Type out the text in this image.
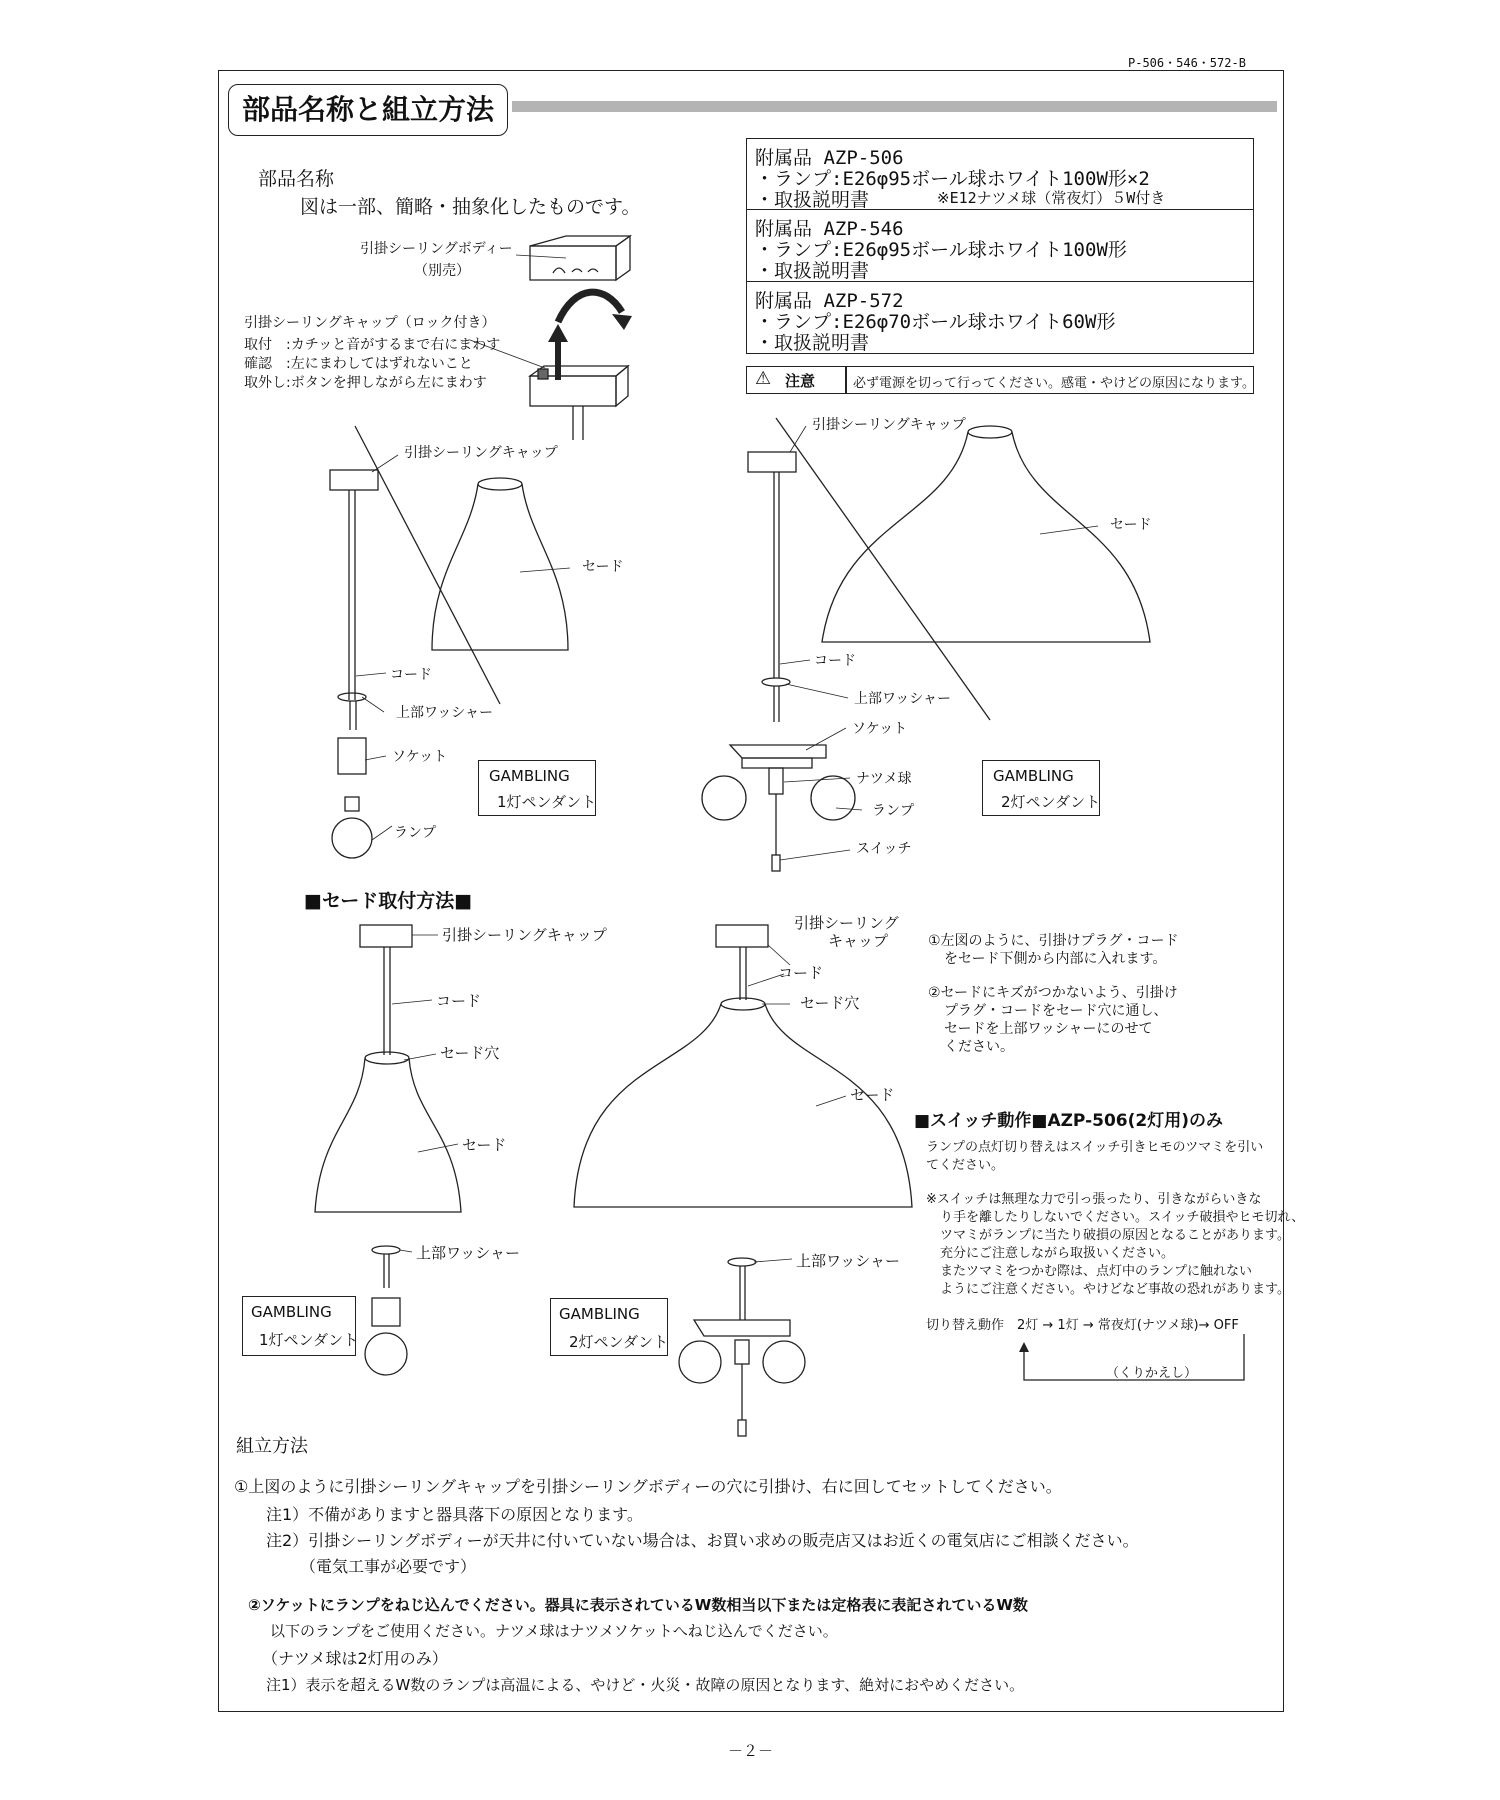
P-506・546・572-B
部品名称と組立方法
部品名称
図は一部、簡略・抽象化したものです。
引掛シーリングボディー
（別売）
引掛シーリングキャップ（ロック付き）
取付　:カチッと音がするまで右にまわす
確認　:左にまわしてはずれないこと
取外し:ボタンを押しながら左にまわす
附属品 AZP-506
・ランプ:E26φ95ボール球ホワイト100W形×2
・取扱説明書	※E12ナツメ球（常夜灯）５W付き
附属品 AZP-546
・ランプ:E26φ95ボール球ホワイト100W形
・取扱説明書
附属品 AZP-572
・ランプ:E26φ70ボール球ホワイト60W形
・取扱説明書
⚠ 注意	必ず電源を切って行ってください。感電・やけどの原因になります。
引掛シーリングキャップ
セード
コード
上部ワッシャー
ソケット
ランプ
GAMBLING
1灯ペンダント
引掛シーリングキャップ
セード
コード
上部ワッシャー
ソケット
ナツメ球
ランプ
スイッチ
GAMBLING
2灯ペンダント
■セード取付方法■
引掛シーリングキャップ
コード
セード穴
セード
上部ワッシャー
GAMBLING
1灯ペンダント
引掛シーリング
キャップ
コード
セード穴
セード
上部ワッシャー
GAMBLING
2灯ペンダント
①左図のように、引掛けプラグ・コード
をセード下側から内部に入れます。
②セードにキズがつかないよう、引掛け
プラグ・コードをセード穴に通し、
セードを上部ワッシャーにのせて
ください。
■スイッチ動作■AZP-506(2灯用)のみ
ランプの点灯切り替えはスイッチ引きヒモのツマミを引い
てください。
※スイッチは無理な力で引っ張ったり、引きながらいきな
り手を離したりしないでください。スイッチ破損やヒモ切れ、
ツマミがランプに当たり破損の原因となることがあります。
充分にご注意しながら取扱いください。
またツマミをつかむ際は、点灯中のランプに触れない
ようにご注意ください。やけどなど事故の恐れがあります。
切り替え動作　2灯 → 1灯 → 常夜灯(ナツメ球)→ OFF
（くりかえし）
組立方法
①上図のように引掛シーリングキャップを引掛シーリングボディーの穴に引掛け、右に回してセットしてください。
注1）不備がありますと器具落下の原因となります。
注2）引掛シーリングボディーが天井に付いていない場合は、お買い求めの販売店又はお近くの電気店にご相談ください。
（電気工事が必要です）
②ソケットにランプをねじ込んでください。器具に表示されているW数相当以下または定格表に表記されているW数
以下のランプをご使用ください。ナツメ球はナツメソケットへねじ込んでください。
（ナツメ球は2灯用のみ）
注1）表示を超えるW数のランプは高温による、やけど・火災・故障の原因となります、絶対におやめください。
－２－
